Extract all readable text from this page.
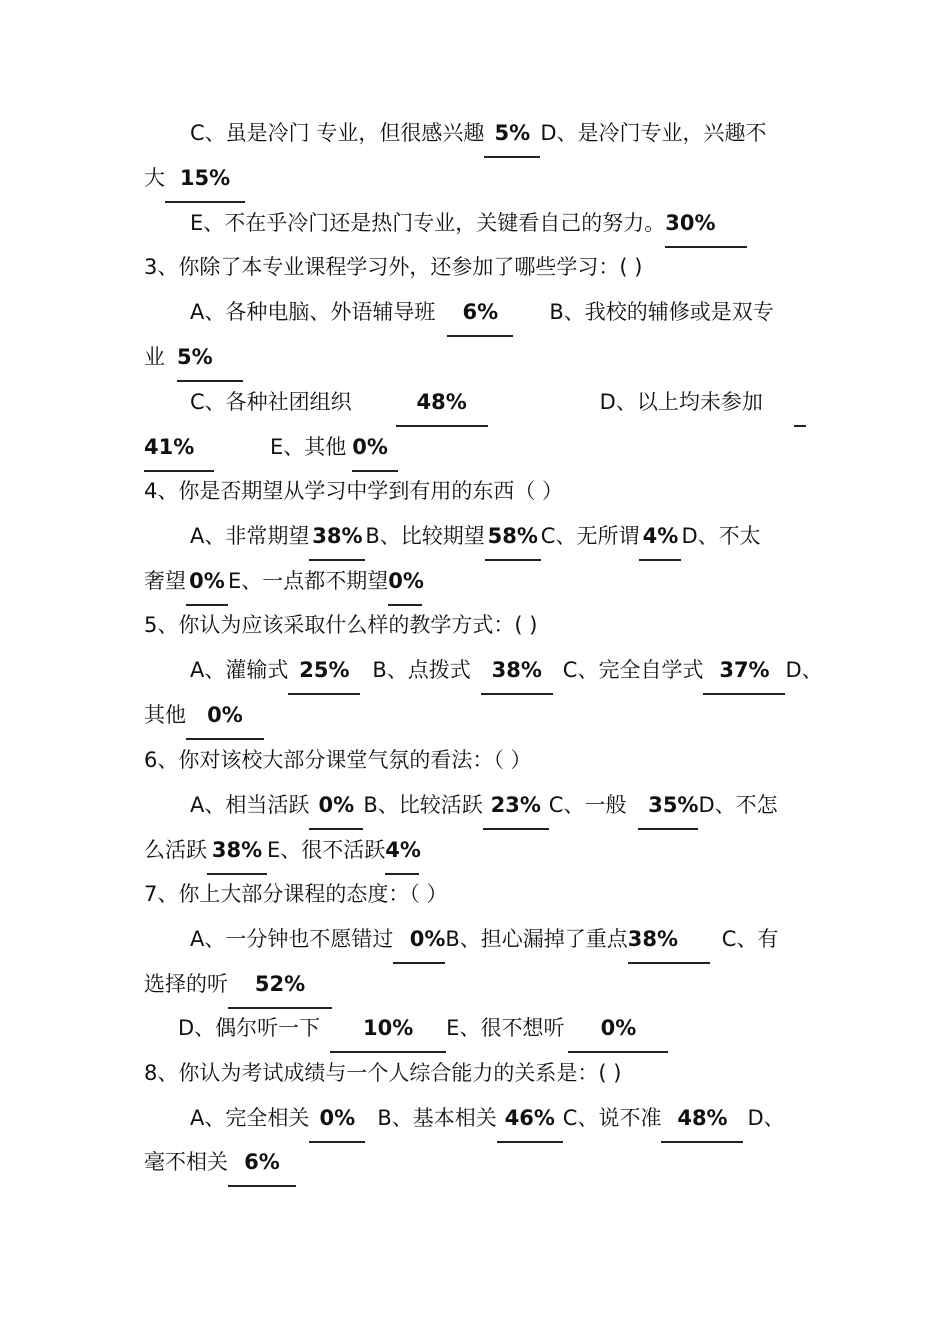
C、虽是冷门 专业，但很感兴趣 5% D、是冷门专业，兴趣不
大 15%
E、不在乎冷门还是热门专业，关键看自己的努力。30%
3、你除了本专业课程学习外，还参加了哪些学习：( )
A、各种电脑、外语辅导班 6% B、我校的辅修或是双专
业 5%
C、各种社团组织	48%	D、以上均未参加
41%	E、其他 0%
4、你是否期望从学习中学到有用的东西（ ）
A、非常期望 38% B、比较期望 58% C、无所谓 4% D、不太
奢望 0% E、一点都不期望0%
5、你认为应该采取什么样的教学方式：( )
A、灌输式 25% B、点拨式 38% C、完全自学式 37% D、
其他 0%
6、你对该校大部分课堂气氛的看法：（ ）
A、相当活跃 0% B、比较活跃 23% C、一般 35%D、不怎
么活跃 38% E、很不活跃4%
7、你上大部分课程的态度：（ ）
A、一分钟也不愿错过 0%B、担心漏掉了重点38% C、有
选择的听 52%
D、偶尔听一下 10% E、很不想听 0%
8、你认为考试成绩与一个人综合能力的关系是：( )
A、完全相关 0% B、基本相关 46% C、说不准 48% D、
毫不相关 6%
